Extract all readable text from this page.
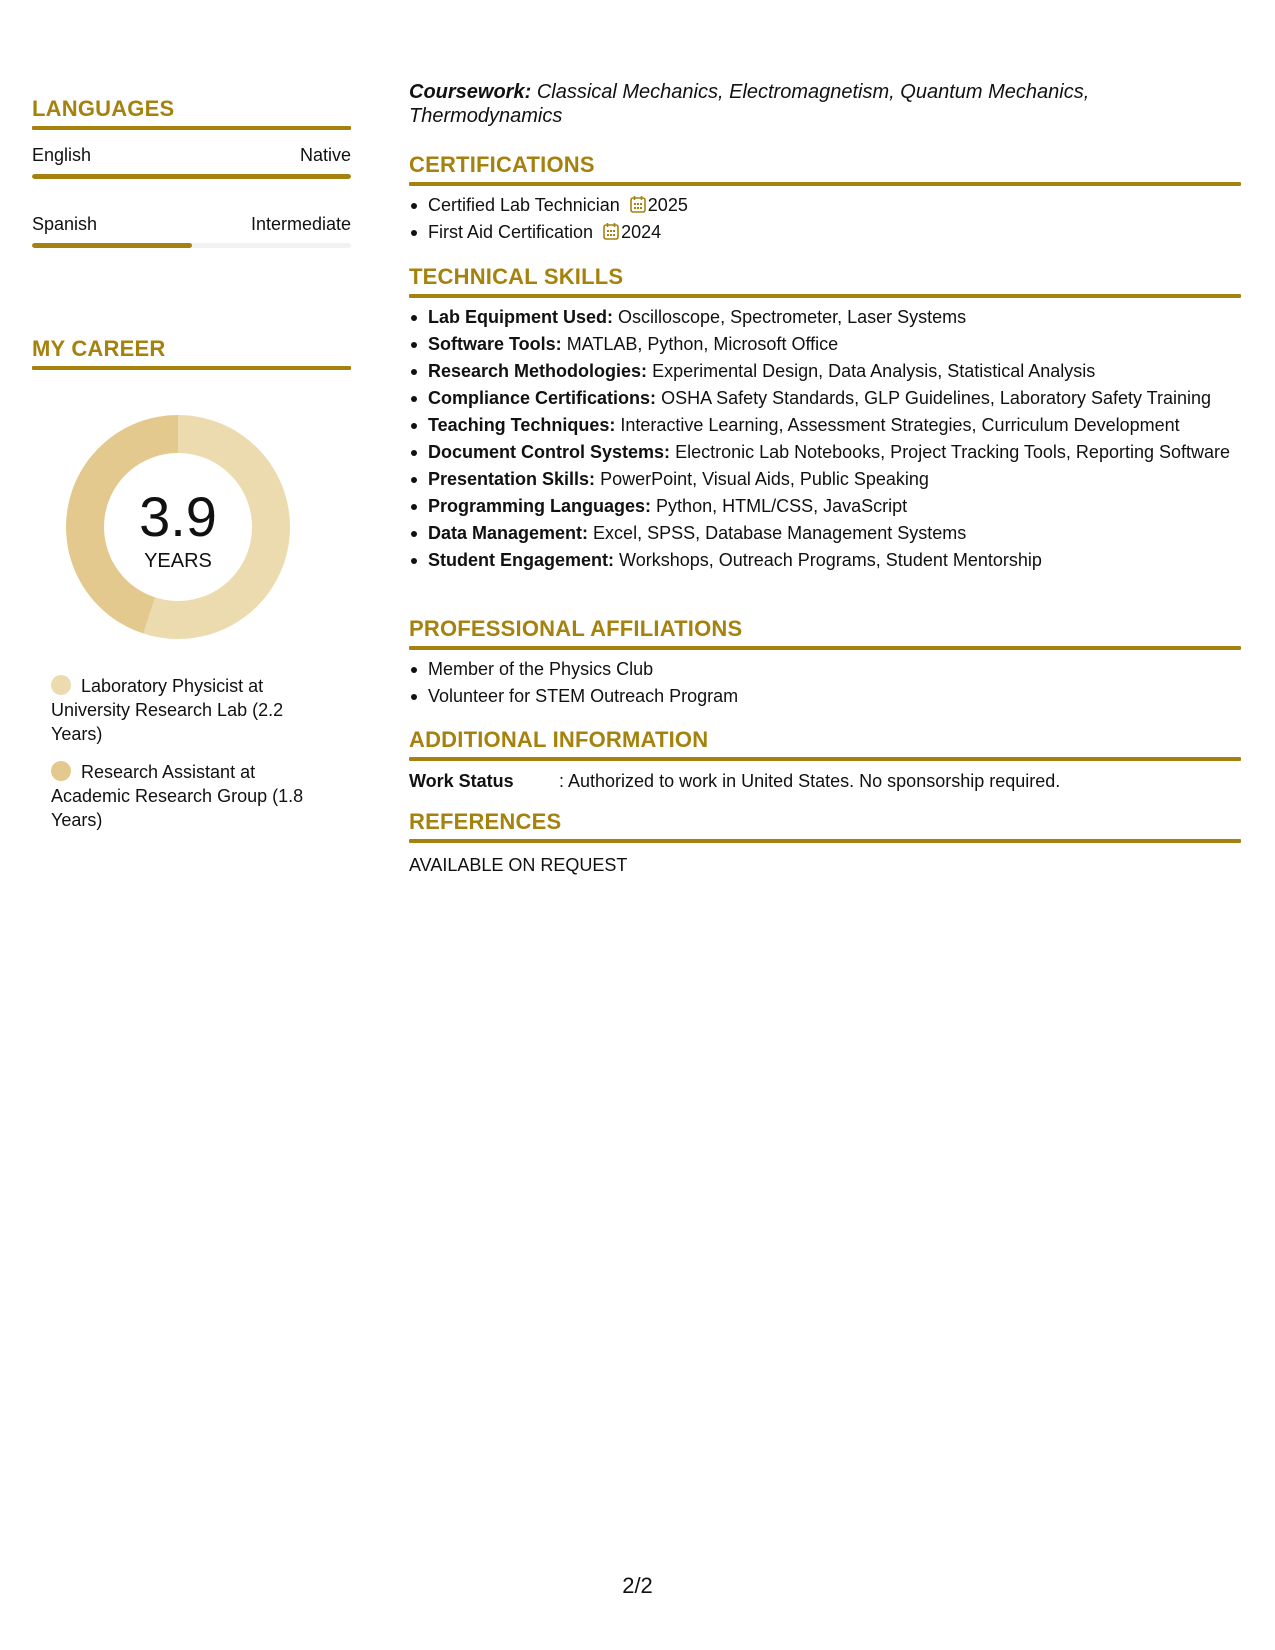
LANGUAGES
English	Native
Spanish	Intermediate
MY CAREER
3.9
YEARS
Laboratory Physicist at University Research Lab (2.2 Years)
Research Assistant at Academic Research Group (1.8 Years)
Coursework: Classical Mechanics, Electromagnetism, Quantum Mechanics, Thermodynamics
CERTIFICATIONS
Certified Lab Technician 2025
First Aid Certification 2024
TECHNICAL SKILLS
Lab Equipment Used: Oscilloscope, Spectrometer, Laser Systems
Software Tools: MATLAB, Python, Microsoft Office
Research Methodologies: Experimental Design, Data Analysis, Statistical Analysis
Compliance Certifications: OSHA Safety Standards, GLP Guidelines, Laboratory Safety Training
Teaching Techniques: Interactive Learning, Assessment Strategies, Curriculum Development
Document Control Systems: Electronic Lab Notebooks, Project Tracking Tools, Reporting Software
Presentation Skills: PowerPoint, Visual Aids, Public Speaking
Programming Languages: Python, HTML/CSS, JavaScript
Data Management: Excel, SPSS, Database Management Systems
Student Engagement: Workshops, Outreach Programs, Student Mentorship
PROFESSIONAL AFFILIATIONS
Member of the Physics Club
Volunteer for STEM Outreach Program
ADDITIONAL INFORMATION
Work Status	: Authorized to work in United States. No sponsorship required.
REFERENCES
AVAILABLE ON REQUEST
2/2
